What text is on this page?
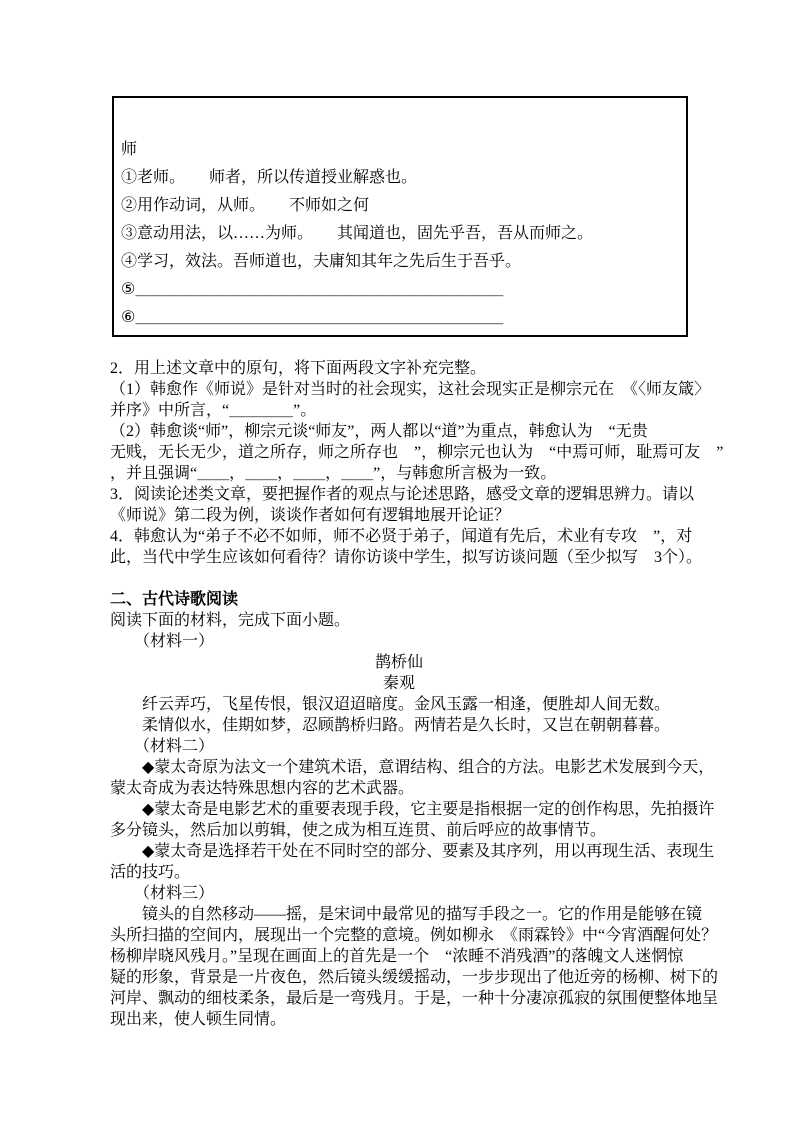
师
①老师。　　师者，所以传道授业解惑也。
②用作动词，从师。　　不师如之何
③意动用法，以……为师。　　其闻道也，固先乎吾，吾从而师之。
④学习，效法。吾师道也，夫庸知其年之先后生于吾乎。
⑤＿＿＿＿＿＿＿＿＿＿＿＿＿＿＿＿＿＿＿＿＿＿＿
⑥＿＿＿＿＿＿＿＿＿＿＿＿＿＿＿＿＿＿＿＿＿＿＿
2．用上述文章中的原句，将下面两段文字补充完整。
（1）韩愈作《师说》是针对当时的社会现实，这社会现实正是柳宗元在　《〈师友箴〉
并序》中所言，“＿＿＿＿”。
（2）韩愈谈“师”，柳宗元谈“师友”，两人都以“道”为重点，韩愈认为　“无贵
无贱，无长无少，道之所存，师之所存也　”，柳宗元也认为　“中焉可师，耻焉可友　”
，并且强调“＿＿，＿＿，＿＿，＿＿”，与韩愈所言极为一致。
3．阅读论述类文章，要把握作者的观点与论述思路，感受文章的逻辑思辨力。请以
《师说》第二段为例，谈谈作者如何有逻辑地展开论证？
4．韩愈认为“弟子不必不如师，师不必贤于弟子，闻道有先后，术业有专攻　”，对
此，当代中学生应该如何看待？请你访谈中学生，拟写访谈问题（至少拟写　3个）。

二、古代诗歌阅读
阅读下面的材料，完成下面小题。
　　（材料一）
鹊桥仙
秦观
　　纤云弄巧，飞星传恨，银汉迢迢暗度。金风玉露一相逢，便胜却人间无数。
　　柔情似水，佳期如梦，忍顾鹊桥归路。两情若是久长时，又岂在朝朝暮暮。
　　（材料二）
　　◆蒙太奇原为法文一个建筑术语，意谓结构、组合的方法。电影艺术发展到今天，
蒙太奇成为表达特殊思想内容的艺术武器。
　　◆蒙太奇是电影艺术的重要表现手段，它主要是指根据一定的创作构思，先拍摄许
多分镜头，然后加以剪辑，使之成为相互连贯、前后呼应的故事情节。
　　◆蒙太奇是选择若干处在不同时空的部分、要素及其序列，用以再现生活、表现生
活的技巧。
　　（材料三）
　　镜头的自然移动——摇，是宋词中最常见的描写手段之一。它的作用是能够在镜
头所扫描的空间内，展现出一个完整的意境。例如柳永　《雨霖铃》中“今宵酒醒何处？
杨柳岸晓风残月。”呈现在画面上的首先是一个　“浓睡不消残酒”的落魄文人迷惘惊
疑的形象，背景是一片夜色，然后镜头缓缓摇动，一步步现出了他近旁的杨柳、树下的
河岸、飘动的细枝柔条，最后是一弯残月。于是，一种十分凄凉孤寂的氛围便整体地呈
现出来，使人顿生同情。
